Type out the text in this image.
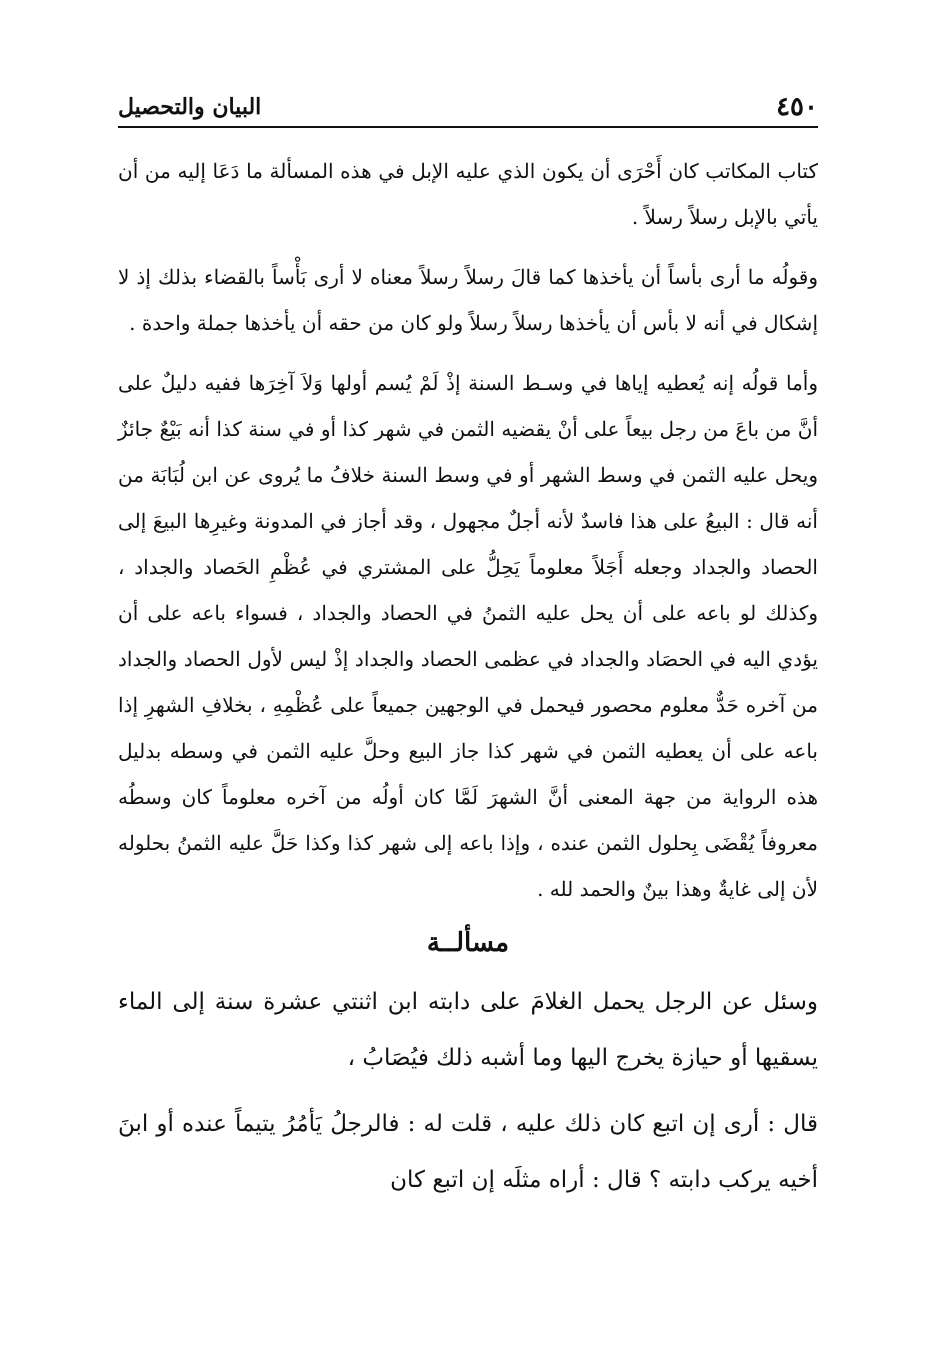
٤٥٠
البيان والتحصيل

كتاب المكاتب كان أَحْرَى أن يكون الذي عليه الإبل في هذه المسألة ما دَعَا إليه من أن يأتي بالإبل رسلاً رسلاً .

وقولُه ما أرى بأساً أن يأخذها كما قالَ رسلاً رسلاً معناه لا أرى بَأْساً بالقضاء بذلك إذ لا إشكال في أنه لا بأس أن يأخذها رسلاً رسلاً ولو كان من حقه أن يأخذها جملة واحدة .

وأما قولُه إنه يُعطيه إياها في وسـط السنة إذْ لَمْ يُسم أولها وَلاَ آخِرَها ففيه دليلٌ على أنَّ من باعَ من رجل بيعاً على أنْ يقضيه الثمن في شهر كذا أو في سنة كذا أنه بَيْعٌ جائزٌ ويحل عليه الثمن في وسط الشهر أو في وسط السنة خلافُ ما يُروى عن ابن لُبَابَة من أنه قال : البيعُ على هذا فاسدٌ لأنه أجلٌ مجهول ، وقد أجاز في المدونة وغيرِها البيعَ إلى الحصاد والجداد وجعله أَجَلاً معلوماً يَحِلُّ على المشتري في عُظْمِ الحَصاد والجداد ، وكذلك لو باعه على أن يحل عليه الثمنُ في الحصاد والجداد ، فسواء باعه على أن يؤدي اليه في الحصَاد والجداد في عظمى الحصاد والجداد إذْ ليس لأول الحصاد والجداد من آخره حَدٌّ معلوم محصور فيحمل في الوجهين جميعاً على عُظْمِهِ ، بخلافِ الشهرِ إذا باعه على أن يعطيه الثمن في شهر كذا جاز البيع وحلَّ عليه الثمن في وسطه بدليل هذه الرواية من جهة المعنى أنَّ الشهرَ لَمَّا كان أولُه من آخره معلوماً كان وسطُه معروفاً يُقْضَى بِحلول الثمن عنده ، وإذا باعه إلى شهر كذا وكذا حَلَّ عليه الثمنُ بحلوله لأن إلى غايةٌ وهذا بينٌ والحمد لله .

مسألــة

وسئل عن الرجل يحمل الغلامَ على دابته ابن اثنتي عشرة سنة إلى الماء يسقيها أو حيازة يخرج اليها وما أشبه ذلك فيُصَابُ ،

قال : أرى إن اتبع كان ذلك عليه ، قلت له : فالرجلُ يَأمُرُ يتيماً عنده أو ابنَ أخيه يركب دابته ؟ قال : أراه مثلَه إن اتبع كان
